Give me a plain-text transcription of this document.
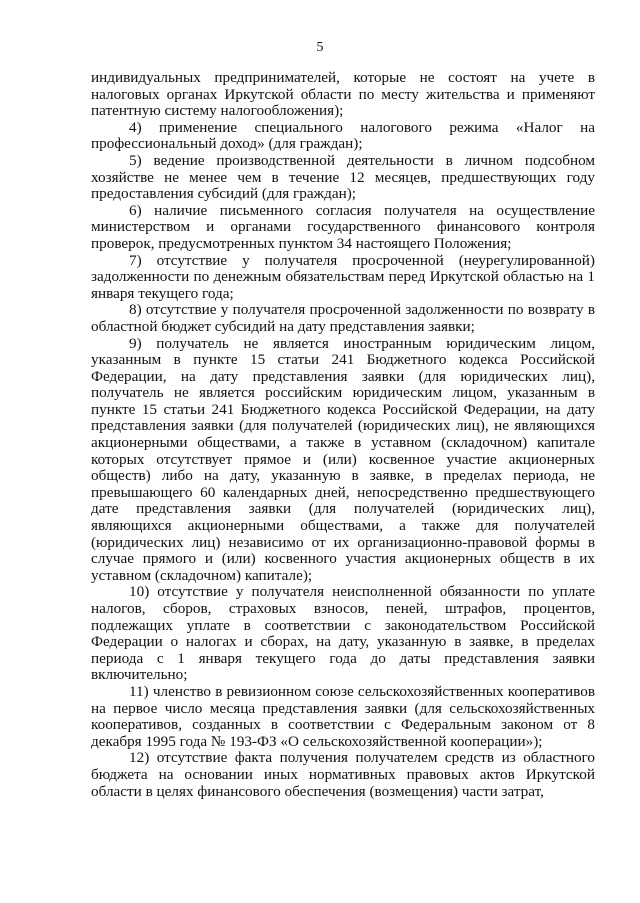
5

индивидуальных предпринимателей, которые не состоят на учете в налоговых органах Иркутской области по месту жительства и применяют патентную систему налогообложения);

4) применение специального налогового режима «Налог на профессиональный доход» (для граждан);

5) ведение производственной деятельности в личном подсобном хозяйстве не менее чем в течение 12 месяцев, предшествующих году предоставления субсидий (для граждан);

6) наличие письменного согласия получателя на осуществление министерством и органами государственного финансового контроля проверок, предусмотренных пунктом 34 настоящего Положения;

7) отсутствие у получателя просроченной (неурегулированной) задолженности по денежным обязательствам перед Иркутской областью на 1 января текущего года;

8) отсутствие у получателя просроченной задолженности по возврату в областной бюджет субсидий на дату представления заявки;

9) получатель не является иностранным юридическим лицом, указанным в пункте 15 статьи 241 Бюджетного кодекса Российской Федерации, на дату представления заявки (для юридических лиц), получатель не является российским юридическим лицом, указанным в пункте 15 статьи 241 Бюджетного кодекса Российской Федерации, на дату представления заявки (для получателей (юридических лиц), не являющихся акционерными обществами, а также в уставном (складочном) капитале которых отсутствует прямое и (или) косвенное участие акционерных обществ) либо на дату, указанную в заявке, в пределах периода, не превышающего 60 календарных дней, непосредственно предшествующего дате представления заявки (для получателей (юридических лиц), являющихся акционерными обществами, а также для получателей (юридических лиц) независимо от их организационно-правовой формы в случае прямого и (или) косвенного участия акционерных обществ в их уставном (складочном) капитале);

10) отсутствие у получателя неисполненной обязанности по уплате налогов, сборов, страховых взносов, пеней, штрафов, процентов, подлежащих уплате в соответствии с законодательством Российской Федерации о налогах и сборах, на дату, указанную в заявке, в пределах периода с 1 января текущего года до даты представления заявки включительно;

11) членство в ревизионном союзе сельскохозяйственных кооперативов на первое число месяца представления заявки (для сельскохозяйственных кооперативов, созданных в соответствии с Федеральным законом от 8 декабря 1995 года № 193-ФЗ «О сельскохозяйственной кооперации»);

12) отсутствие факта получения получателем средств из областного бюджета на основании иных нормативных правовых актов Иркутской области в целях финансового обеспечения (возмещения) части затрат,
